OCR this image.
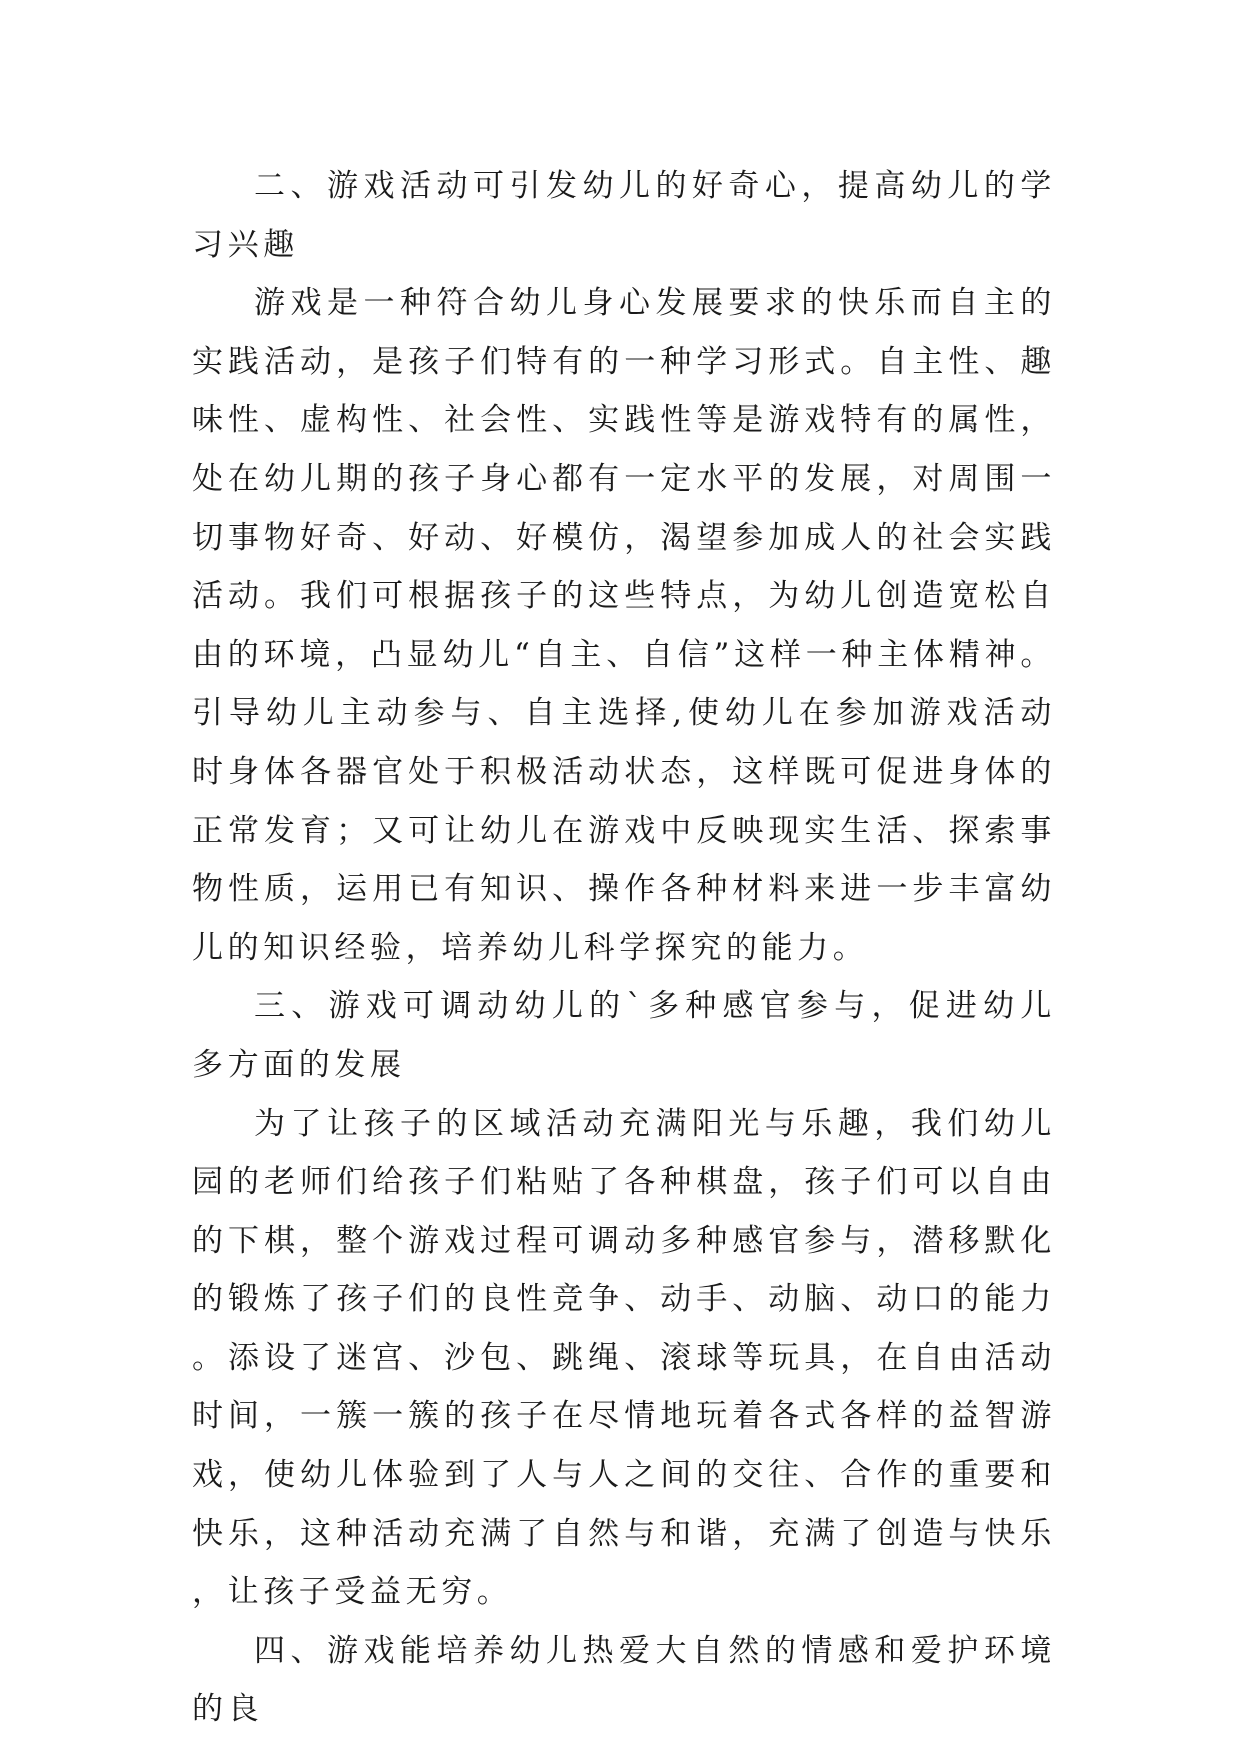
二、游戏活动可引发幼儿的好奇心，提高幼儿的学习兴趣

游戏是一种符合幼儿身心发展要求的快乐而自主的实践活动，是孩子们特有的一种学习形式。自主性、趣味性、虚构性、社会性、实践性等是游戏特有的属性，处在幼儿期的孩子身心都有一定水平的发展，对周围一切事物好奇、好动、好模仿，渴望参加成人的社会实践活动。我们可根据孩子的这些特点，为幼儿创造宽松自由的环境，凸显幼儿“自主、自信”这样一种主体精神。引导幼儿主动参与、自主选择,使幼儿在参加游戏活动时身体各器官处于积极活动状态，这样既可促进身体的正常发育；又可让幼儿在游戏中反映现实生活、探索事物性质，运用已有知识、操作各种材料来进一步丰富幼儿的知识经验，培养幼儿科学探究的能力。

三、游戏可调动幼儿的`多种感官参与，促进幼儿多方面的发展

为了让孩子的区域活动充满阳光与乐趣，我们幼儿园的老师们给孩子们粘贴了各种棋盘，孩子们可以自由的下棋，整个游戏过程可调动多种感官参与，潜移默化的锻炼了孩子们的良性竞争、动手、动脑、动口的能力。添设了迷宫、沙包、跳绳、滚球等玩具，在自由活动时间，一簇一簇的孩子在尽情地玩着各式各样的益智游戏，使幼儿体验到了人与人之间的交往、合作的重要和快乐，这种活动充满了自然与和谐，充满了创造与快乐，让孩子受益无穷。

四、游戏能培养幼儿热爱大自然的情感和爱护环境的良
